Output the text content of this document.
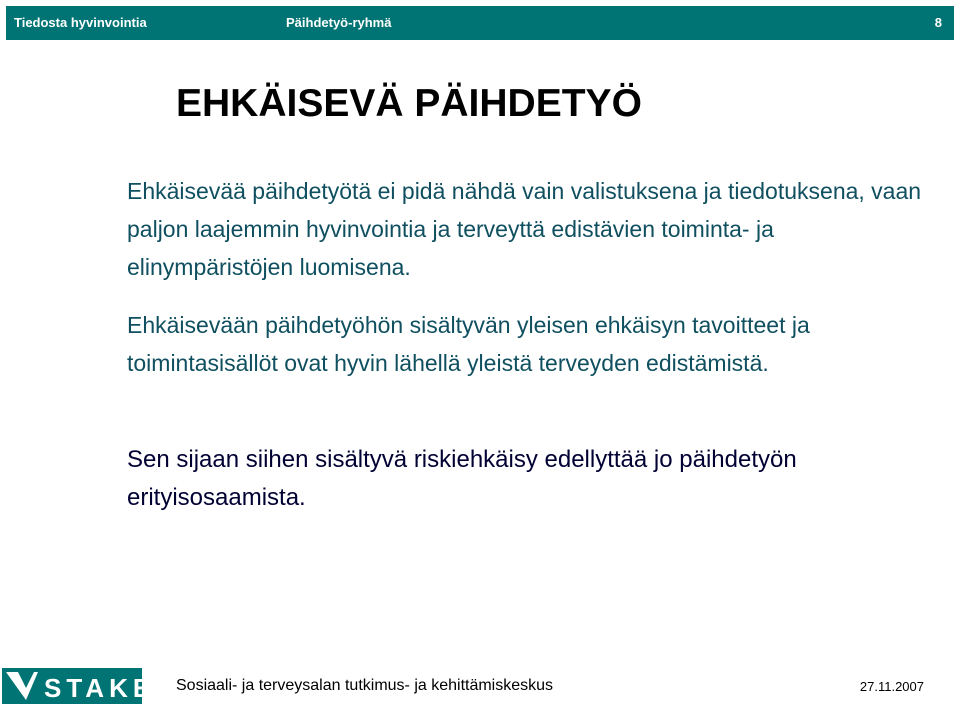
Tiedosta hyvinvointia	Päihdetyö-ryhmä	8
EHKÄISEVÄ PÄIHDETYÖ

Ehkäisevää päihdetyötä ei pidä nähdä vain valistuksena ja tiedotuksena, vaan paljon laajemmin hyvinvointia ja terveyttä edistävien toiminta- ja elinympäristöjen luomisena.

Ehkäisevään päihdetyöhön sisältyvän yleisen ehkäisyn tavoitteet ja toimintasisällöt ovat hyvin lähellä yleistä terveyden edistämistä.

Sen sijaan siihen sisältyvä riskiehkäisy edellyttää jo päihdetyön erityisosaamista.

STAKES
Sosiaali- ja terveysalan tutkimus- ja kehittämiskeskus	27.11.2007
